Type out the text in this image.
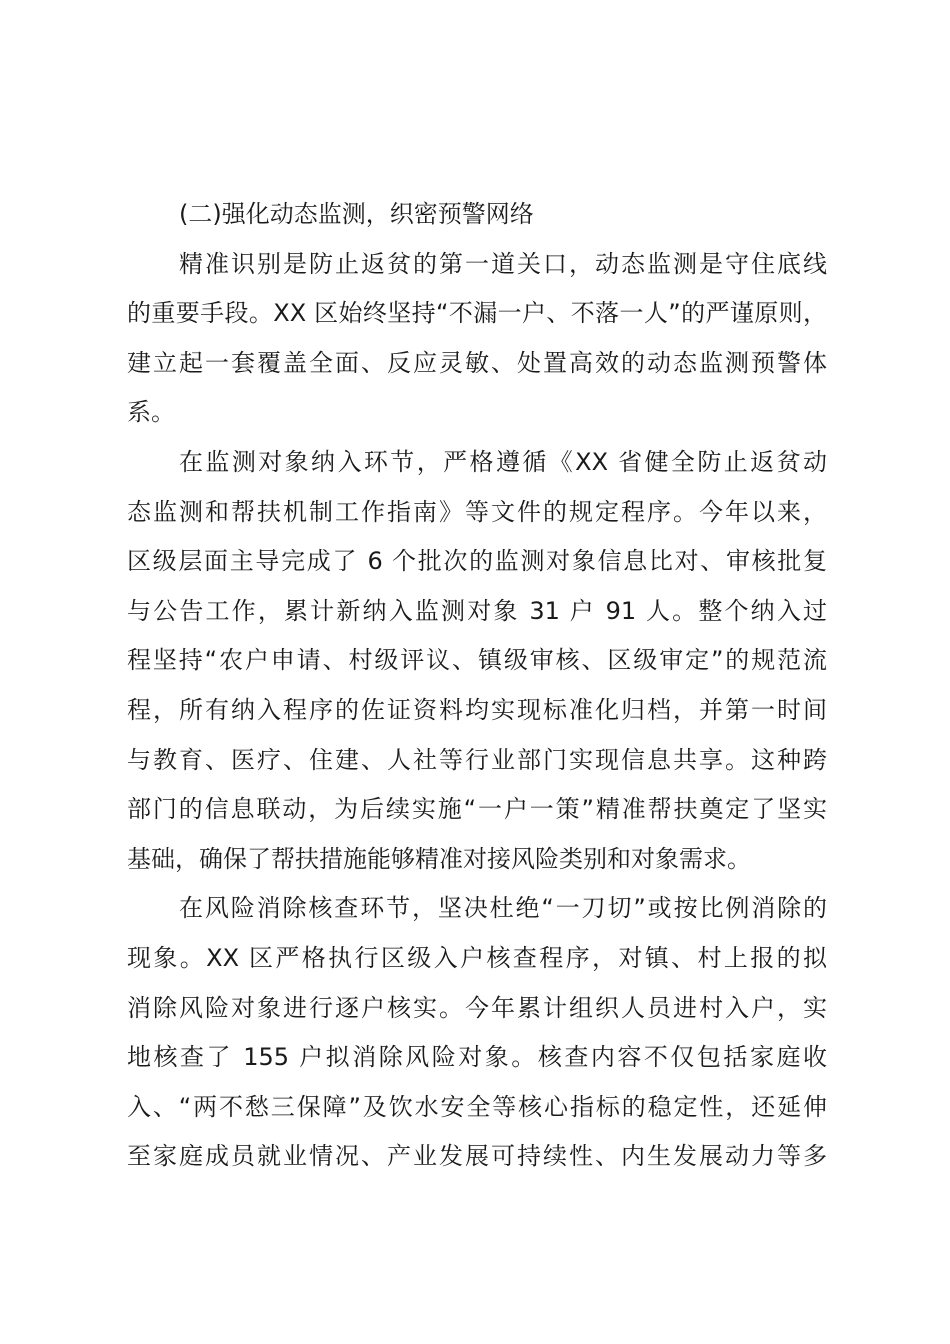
(二)强化动态监测，织密预警网络
精准识别是防止返贫的第一道关口，动态监测是守住底线
的重要手段。XX 区始终坚持“不漏一户、不落一人”的严谨原则，
建立起一套覆盖全面、反应灵敏、处置高效的动态监测预警体
系。
在监测对象纳入环节，严格遵循《XX 省健全防止返贫动
态监测和帮扶机制工作指南》等文件的规定程序。今年以来，
区级层面主导完成了 6 个批次的监测对象信息比对、审核批复
与公告工作，累计新纳入监测对象 31 户 91 人。整个纳入过
程坚持“农户申请、村级评议、镇级审核、区级审定”的规范流
程，所有纳入程序的佐证资料均实现标准化归档，并第一时间
与教育、医疗、住建、人社等行业部门实现信息共享。这种跨
部门的信息联动，为后续实施“一户一策”精准帮扶奠定了坚实
基础，确保了帮扶措施能够精准对接风险类别和对象需求。
在风险消除核查环节，坚决杜绝“一刀切”或按比例消除的
现象。XX 区严格执行区级入户核查程序，对镇、村上报的拟
消除风险对象进行逐户核实。今年累计组织人员进村入户，实
地核查了 155 户拟消除风险对象。核查内容不仅包括家庭收
入、“两不愁三保障”及饮水安全等核心指标的稳定性，还延伸
至家庭成员就业情况、产业发展可持续性、内生发展动力等多
